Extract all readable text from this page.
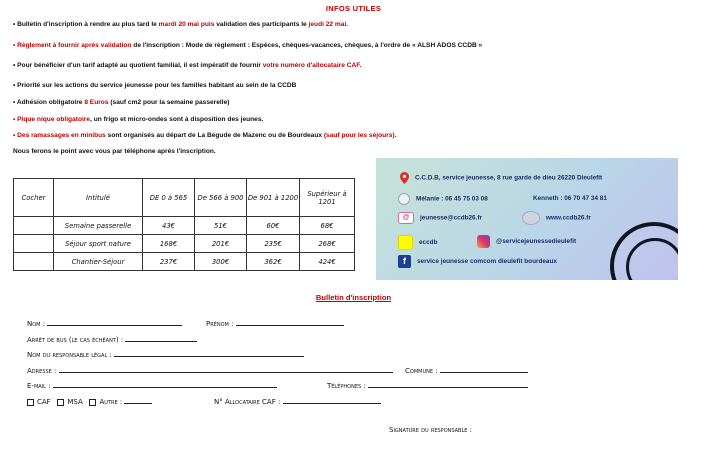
INFOS UTILES
• Bulletin d'inscription à rendre au plus tard le mardi 20 mai puis validation des participants le jeudi 22 mai.
• Règlement à fournir après validation de l'inscription : Mode de règlement : Espèces, chèques-vacances, chèques, à l'ordre de « ALSH ADOS CCDB »
• Pour bénéficier d'un tarif adapté au quotient familial, il est impératif de fournir votre numéro d'allocataire CAF.
• Priorité sur les actions du service jeunesse pour les familles habitant au sein de la CCDB
• Adhésion obligatoire 8 Euros (sauf cm2 pour la semaine passerelle)
• Pique nique obligatoire, un frigo et micro-ondes sont à disposition des jeunes.
• Des ramassages en minibus sont organisés au départ de La Bégude de Mazenc ou de Bourdeaux (sauf pour les séjours).
Nous ferons le point avec vous par téléphone après l'inscription.
Cocher	Intitulé	DE 0 à 565	De 566 à 900	De 901 à 1200	Supérieur à 1201
	Semaine passerelle	43€	51€	60€	68€
	Séjour sport nature	168€	201€	235€	268€
	Chantier-Séjour	237€	300€	362€	424€
C.C.D.B, service jeunesse, 8 rue garde de dieu 26220 Dieulefit
Mélanie : 06 45 75 03 08	Kenneth : 06 70 47 34 81
@ jeunesse@ccdb26.fr	www.ccdb26.fr
eccdb	@servicejeunessedieulefit
f service jeunesse comcom dieulefit bourdeaux
Bulletin d'inscription
Nom :	Prénom :
Arrêt de bus (le cas échéant) :
Nom du responsable légal :
Adresse :	Commune :
E-mail :	Téléphones :
CAF MSA Autre :	N° Allocataire CAF :
Signature du responsable :
